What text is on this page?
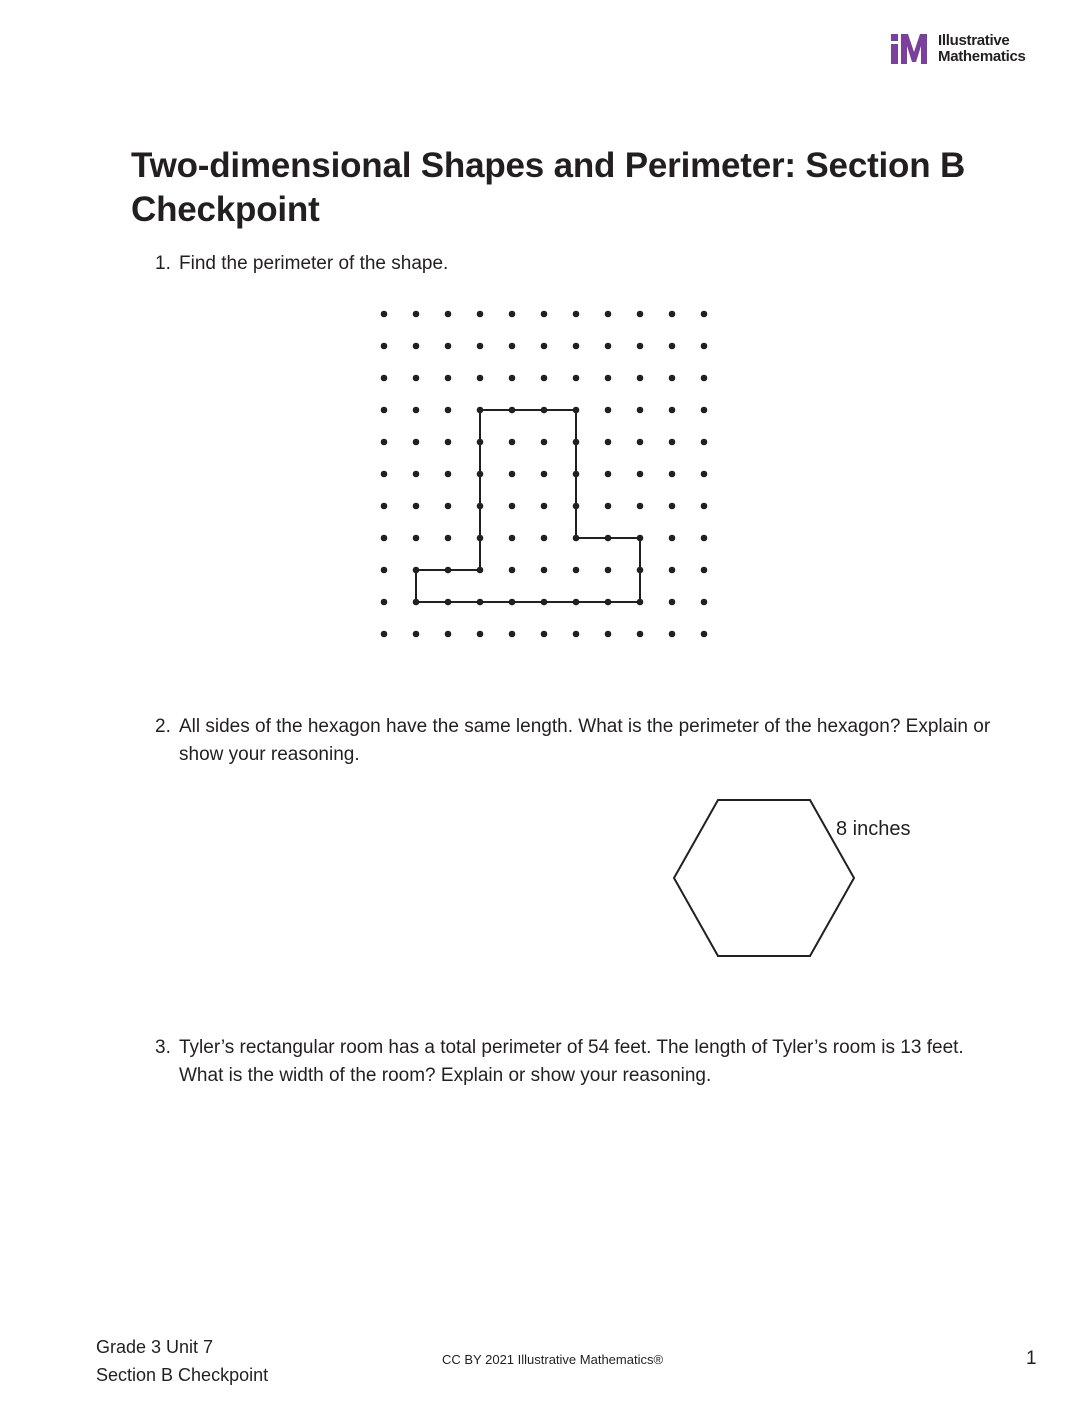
Illustrative
Mathematics
Two-dimensional Shapes and Perimeter: Section B Checkpoint
1. Find the perimeter of the shape.
2. All sides of the hexagon have the same length. What is the perimeter of the hexagon? Explain or show your reasoning.
8 inches
3. Tyler’s rectangular room has a total perimeter of 54 feet. The length of Tyler’s room is 13 feet. What is the width of the room? Explain or show your reasoning.
Grade 3 Unit 7
Section B Checkpoint
CC BY 2021 Illustrative Mathematics®	1
